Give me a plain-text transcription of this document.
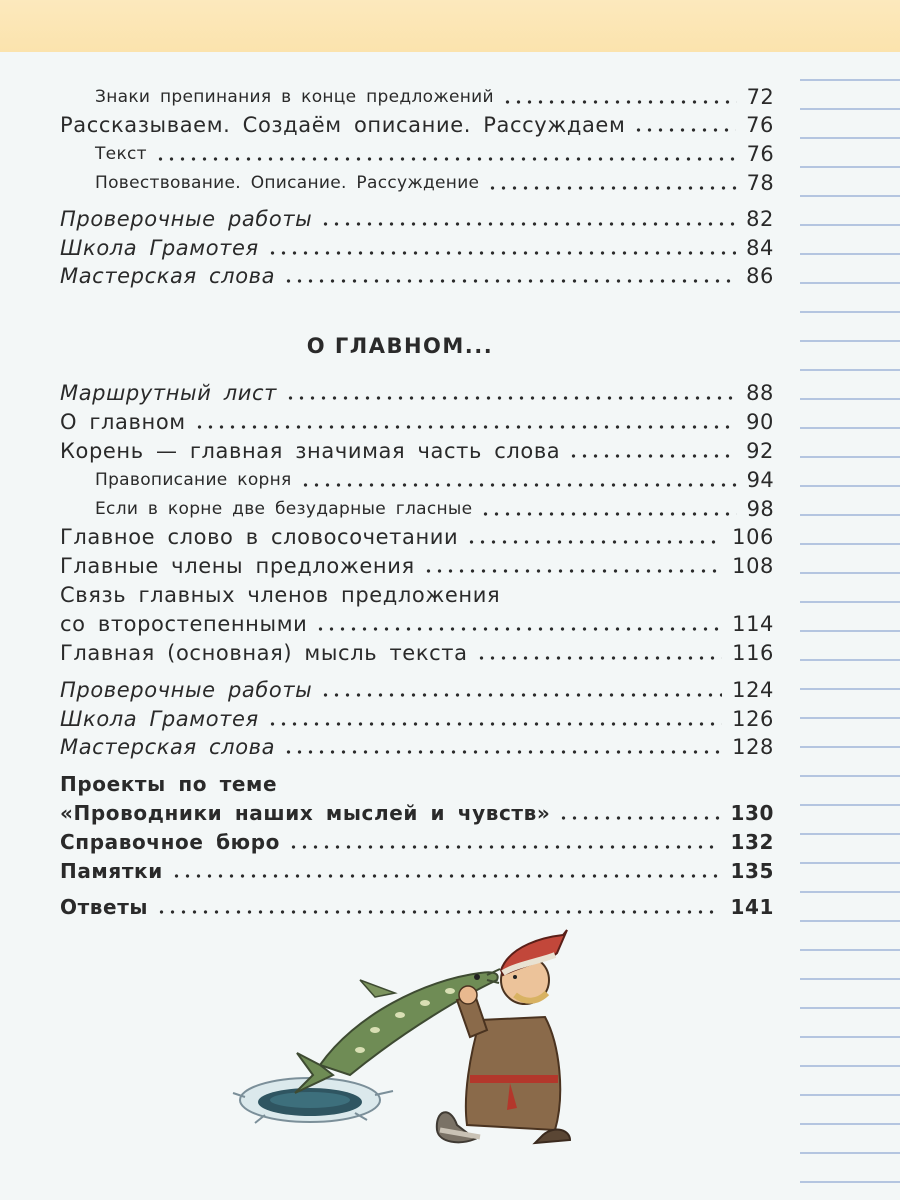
Знаки препинания в конце предложений	72
Рассказываем. Создаём описание. Рассуждаем	76
Текст	76
Повествование. Описание. Рассуждение	78
Проверочные работы	82
Школа Грамотея	84
Мастерская слова	86
О ГЛАВНОМ...
Маршрутный лист	88
О главном	90
Корень — главная значимая часть слова	92
Правописание корня	94
Если в корне две безударные гласные	98
Главное слово в словосочетании	106
Главные члены предложения	108
Связь главных членов предложения
со второстепенными	114
Главная (основная) мысль текста	116
Проверочные работы	124
Школа Грамотея	126
Мастерская слова	128
Проекты по теме
«Проводники наших мыслей и чувств»	130
Справочное бюро	132
Памятки	135
Ответы	141
